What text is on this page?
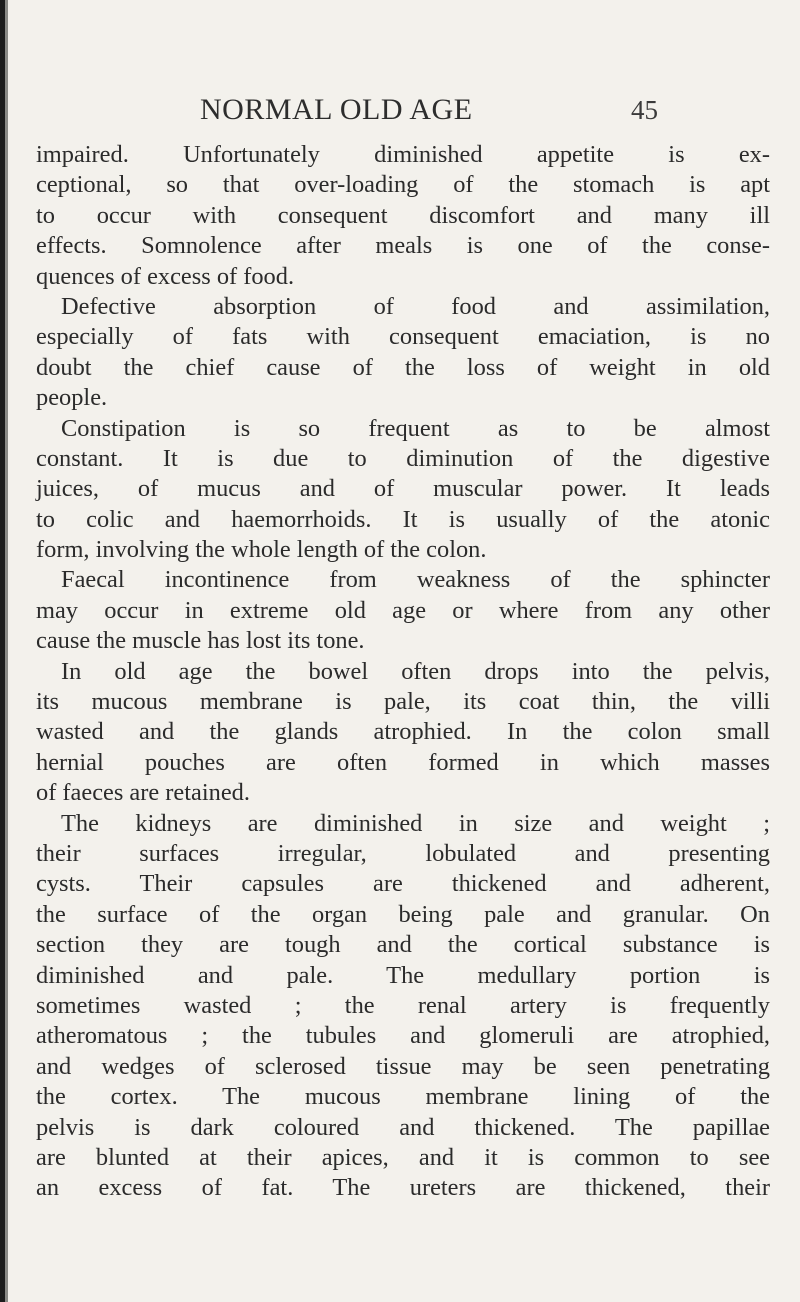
NORMAL OLD AGE	45
impaired. Unfortunately diminished appetite is ex-
ceptional, so that over-loading of the stomach is apt
to occur with consequent discomfort and many ill
effects. Somnolence after meals is one of the conse-
quences of excess of food.
Defective absorption of food and assimilation,
especially of fats with consequent emaciation, is no
doubt the chief cause of the loss of weight in old
people.
Constipation is so frequent as to be almost
constant. It is due to diminution of the digestive
juices, of mucus and of muscular power. It leads
to colic and haemorrhoids. It is usually of the atonic
form, involving the whole length of the colon.
Faecal incontinence from weakness of the sphincter
may occur in extreme old age or where from any other
cause the muscle has lost its tone.
In old age the bowel often drops into the pelvis,
its mucous membrane is pale, its coat thin, the villi
wasted and the glands atrophied. In the colon small
hernial pouches are often formed in which masses
of faeces are retained.
The kidneys are diminished in size and weight ;
their surfaces irregular, lobulated and presenting
cysts. Their capsules are thickened and adherent,
the surface of the organ being pale and granular. On
section they are tough and the cortical substance is
diminished and pale. The medullary portion is
sometimes wasted ; the renal artery is frequently
atheromatous ; the tubules and glomeruli are atrophied,
and wedges of sclerosed tissue may be seen penetrating
the cortex. The mucous membrane lining of the
pelvis is dark coloured and thickened. The papillae
are blunted at their apices, and it is common to see
an excess of fat. The ureters are thickened, their
